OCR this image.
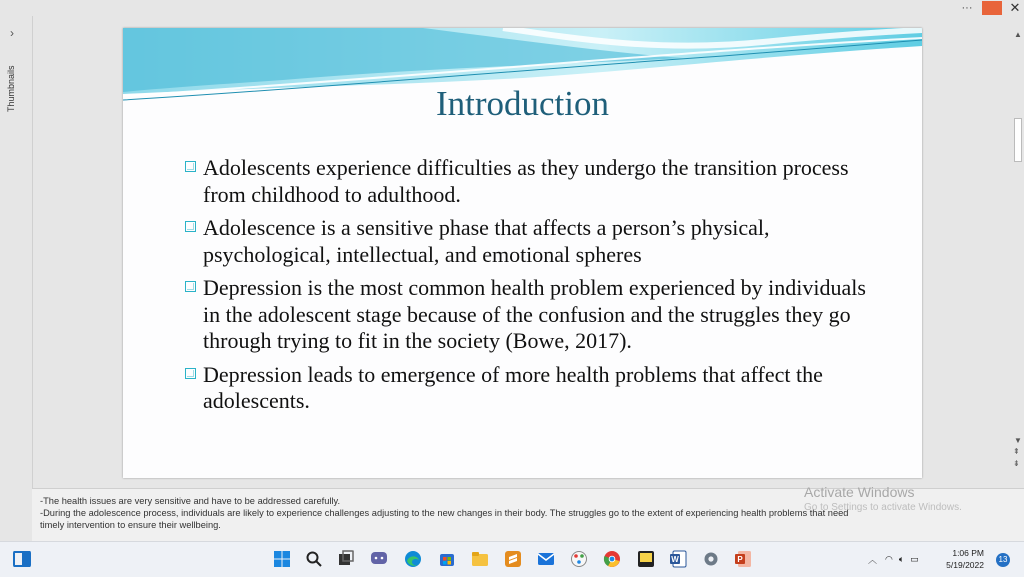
···	✕
›
Thumbnails	Introduction
Adolescents experience difficulties as they undergo the transition process from childhood to adulthood.
Adolescence is a sensitive phase that affects a person’s physical, psychological, intellectual, and emotional spheres
Depression is the most common health problem experienced by individuals in the adolescent stage because of the confusion and the struggles they go through trying to fit in the society (Bowe, 2017).
Depression leads to emergence of more health problems that affect the adolescents.
▲
▼
⇞
⇟

-The health issues are very sensitive and have to be addressed carefully.

-During the adolescence process, individuals are likely to experience challenges adjusting to the new changes in their body. The struggles go to the extent of experiencing health problems that need

timely intervention to ensure their wellbeing.

Activate Windows
Go to Settings to activate Windows.
W	P	︿ ◠ 🔈︎ ▭
1:06 PM
5/19/2022
13
